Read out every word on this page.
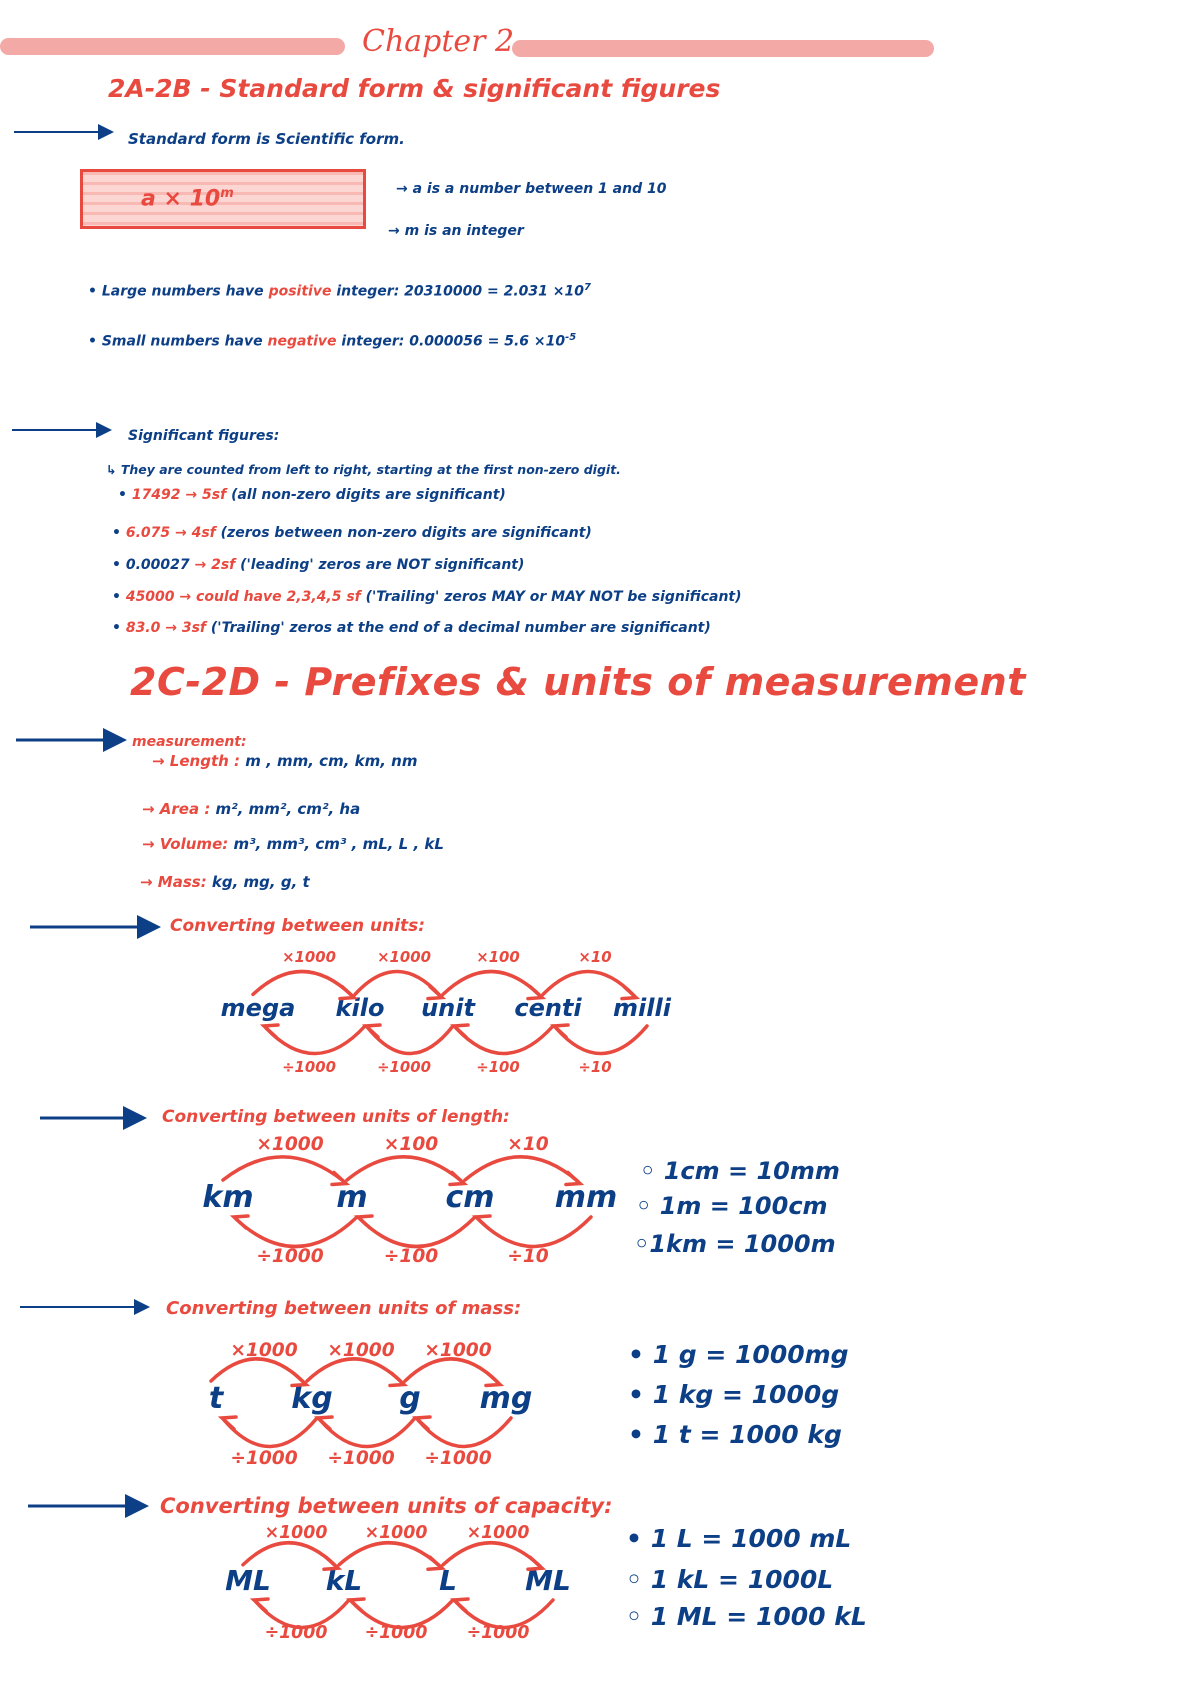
Chapter 2
2A-2B - Standard form & significant figures
Standard form is Scientific form.
$a \times 10^m$	→ a is a number between 1 and 10
→ m is an integer
• Large numbers have positive integer: $20310000 = 2.031 \times 10^7$
• Small numbers have negative integer: $0.000056 = 5.6 \times 10^{-5}$
Significant figures:
↳ They are counted from left to right, starting at the first non-zero digit.
• 17492 → 5sf (all non-zero digits are significant)
• 6.075 → 4sf (zeros between non-zero digits are significant)
• 0.00027 → 2sf ('leading' zeros are NOT significant)
• 45000 → could have 2,3,4,5 sf ('Trailing' zeros MAY or MAY NOT be significant)
• 83.0 → 3sf ('Trailing' zeros at the end of a decimal number are significant)
2C-2D - Prefixes & units of measurement
measurement:
→ Length : m , mm, cm, km, nm
→ Area : m², mm², cm², ha
→ Volume: m³, mm³, cm³ , mL, L , kL
→ Mass: kg, mg, g, t
Converting between units:
Converting between units of length:
Converting between units of mass:
Converting between units of capacity:
mega kilo unit centi milli
×1000
÷1000
×1000
÷1000
×100
÷100
×10
÷10
km	m	cm mm
×1000
÷1000
×100
÷100
×10
÷10
t kg g mg
×1000
÷1000
×1000
÷1000
×1000
÷1000
ML kL	L ML
×1000
÷1000
×1000
÷1000
×1000
÷1000
◦ 1cm = 10mm
◦ 1m = 100cm
◦1km = 1000m
• 1 g = 1000mg
• 1 kg = 1000g
• 1 t = 1000 kg
• 1 L = 1000 mL
◦ 1 kL = 1000L
◦ 1 ML = 1000 kL
